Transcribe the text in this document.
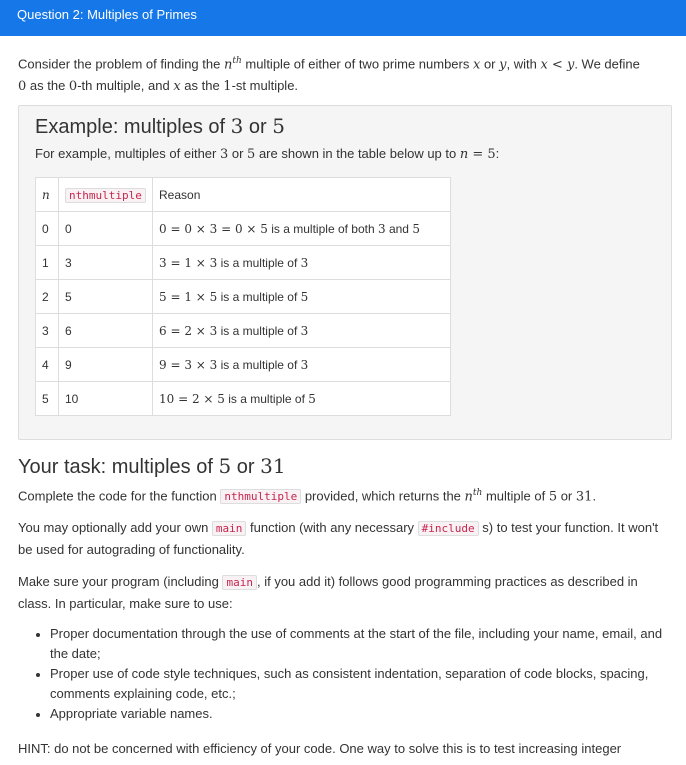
Question 2: Multiples of Primes
Consider the problem of finding the $n^{th}$ multiple of either of two prime numbers x or y, with x < y. We define
0 as the 0-th multiple, and x as the 1-st multiple.
Example: multiples of 3 or 5
For example, multiples of either 3 or 5 are shown in the table below up to n = 5:
n	nthmultiple	Reason
0	0	0 = 0 × 3 = 0 × 5 is a multiple of both 3 and 5
1	3	3 = 1 × 3 is a multiple of 3
2	5	5 = 1 × 5 is a multiple of 5
3	6	6 = 2 × 3 is a multiple of 3
4	9	9 = 3 × 3 is a multiple of 3
5	10	10 = 2 × 5 is a multiple of 5
Your task: multiples of 5 or 31
Complete the code for the function nthmultiple provided, which returns the $n^{th}$ multiple of 5 or 31.
You may optionally add your own main function (with any necessary #include s) to test your function. It won't be used for autograding of functionality.
Make sure your program (including main , if you add it) follows good programming practices as described in class. In particular, make sure to use:
• Proper documentation through the use of comments at the start of the file, including your name, email, and the date;
• Proper use of code style techniques, such as consistent indentation, separation of code blocks, spacing, comments explaining code, etc.;
• Appropriate variable names.
HINT: do not be concerned with efficiency of your code. One way to solve this is to test increasing integer
